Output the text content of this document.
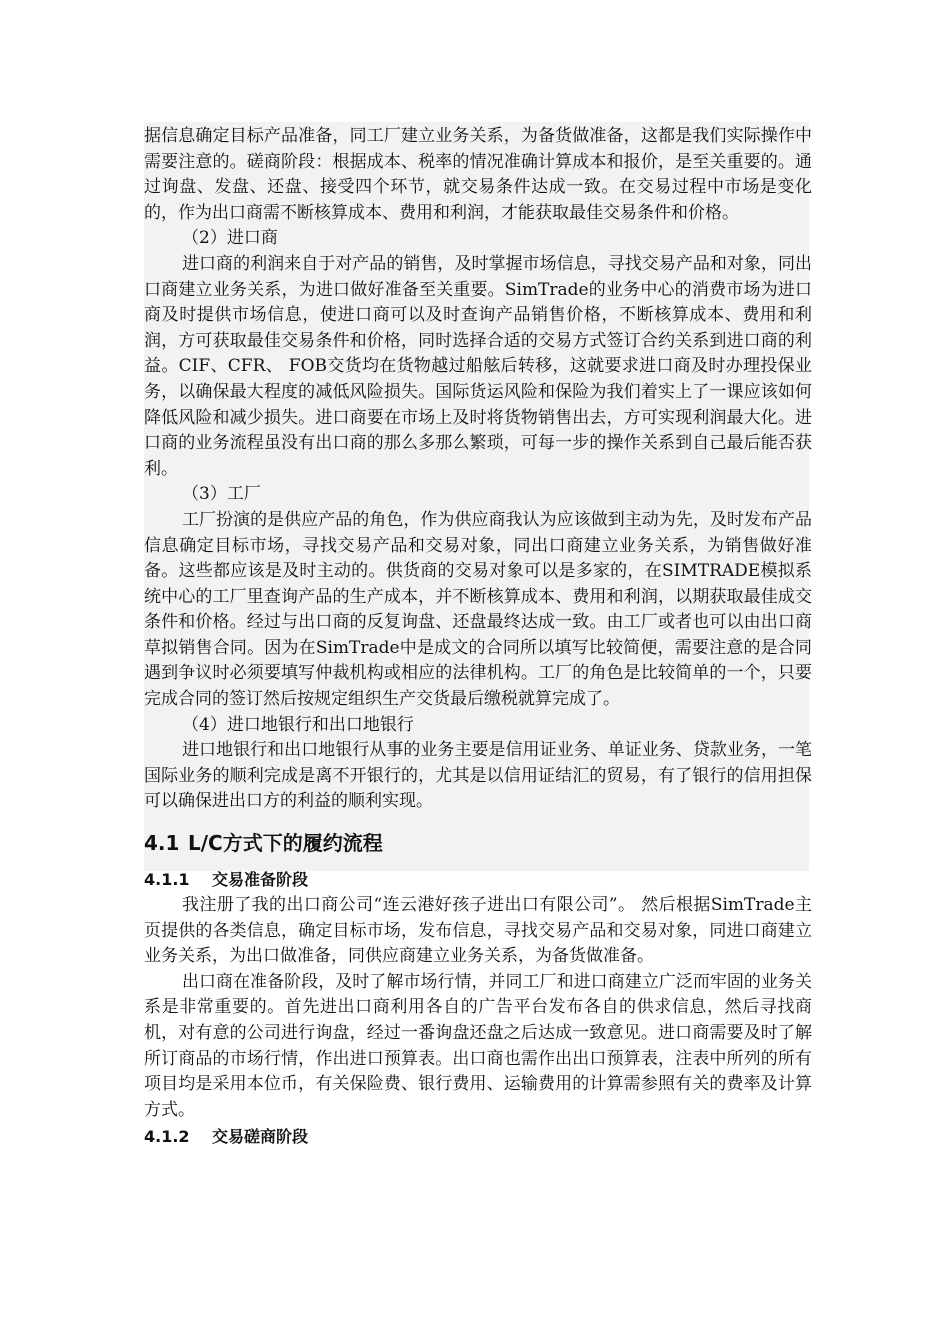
据信息确定目标产品准备，同工厂建立业务关系，为备货做准备，这都是我们实际操作中需要注意的。磋商阶段：根据成本、税率的情况准确计算成本和报价，是至关重要的。通过询盘、发盘、还盘、接受四个环节，就交易条件达成一致。在交易过程中市场是变化的，作为出口商需不断核算成本、费用和利润，才能获取最佳交易条件和价格。

（2）进口商

进口商的利润来自于对产品的销售，及时掌握市场信息，寻找交易产品和对象，同出口商建立业务关系，为进口做好准备至关重要。SimTrade的业务中心的消费市场为进口商及时提供市场信息，使进口商可以及时查询产品销售价格，不断核算成本、费用和利润，方可获取最佳交易条件和价格，同时选择合适的交易方式签订合约关系到进口商的利益。CIF、CFR、 FOB交货均在货物越过船舷后转移，这就要求进口商及时办理投保业务，以确保最大程度的减低风险损失。国际货运风险和保险为我们着实上了一课应该如何降低风险和减少损失。进口商要在市场上及时将货物销售出去，方可实现利润最大化。进口商的业务流程虽没有出口商的那么多那么繁琐，可每一步的操作关系到自己最后能否获利。

（3）工厂

工厂扮演的是供应产品的角色，作为供应商我认为应该做到主动为先，及时发布产品信息确定目标市场，寻找交易产品和交易对象，同出口商建立业务关系，为销售做好准备。这些都应该是及时主动的。供货商的交易对象可以是多家的，在SIMTRADE模拟系统中心的工厂里查询产品的生产成本，并不断核算成本、费用和利润，以期获取最佳成交条件和价格。经过与出口商的反复询盘、还盘最终达成一致。由工厂或者也可以由出口商草拟销售合同。因为在SimTrade中是成文的合同所以填写比较简便，需要注意的是合同遇到争议时必须要填写仲裁机构或相应的法律机构。工厂的角色是比较简单的一个，只要完成合同的签订然后按规定组织生产交货最后缴税就算完成了。

（4）进口地银行和出口地银行

进口地银行和出口地银行从事的业务主要是信用证业务、单证业务、贷款业务，一笔国际业务的顺利完成是离不开银行的，尤其是以信用证结汇的贸易，有了银行的信用担保可以确保进出口方的利益的顺利实现。

4.1 L/C方式下的履约流程
4.1.1 交易准备阶段

我注册了我的出口商公司“连云港好孩子进出口有限公司”。 然后根据SimTrade主页提供的各类信息，确定目标市场，发布信息，寻找交易产品和交易对象，同进口商建立业务关系，为出口做准备，同供应商建立业务关系，为备货做准备。

出口商在准备阶段，及时了解市场行情，并同工厂和进口商建立广泛而牢固的业务关系是非常重要的。首先进出口商利用各自的广告平台发布各自的供求信息，然后寻找商机，对有意的公司进行询盘，经过一番询盘还盘之后达成一致意见。进口商需要及时了解所订商品的市场行情，作出进口预算表。出口商也需作出出口预算表，注表中所列的所有项目均是采用本位币，有关保险费、银行费用、运输费用的计算需参照有关的费率及计算方式。

4.1.2 交易磋商阶段
